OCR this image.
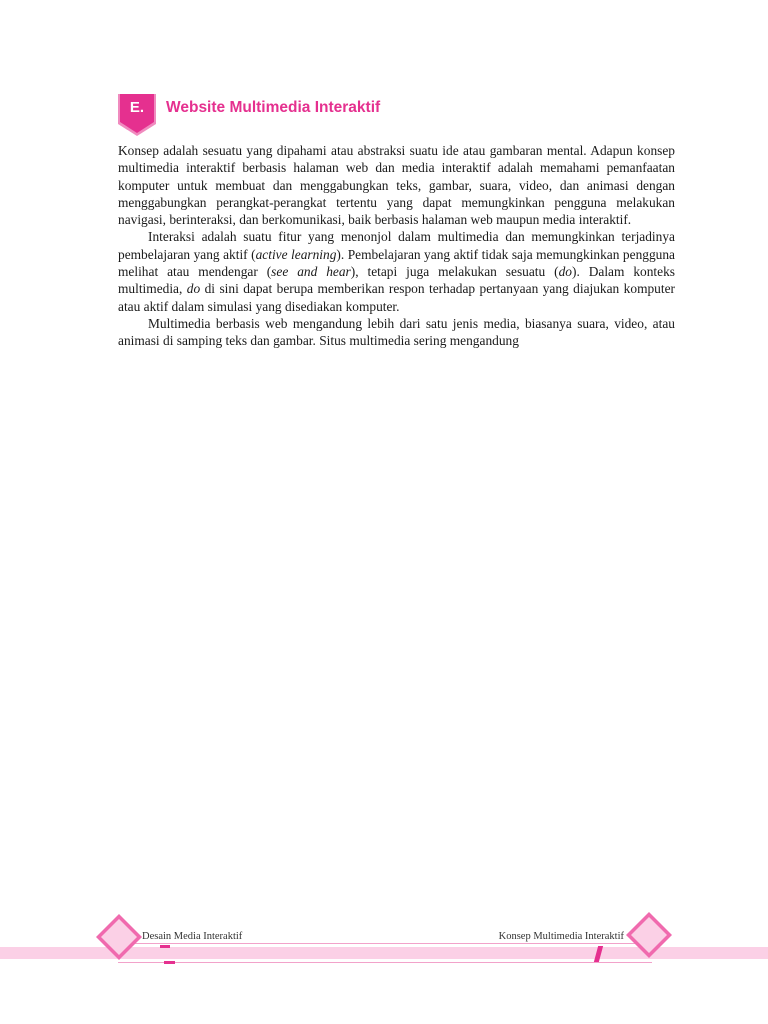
E.	Website Multimedia Interaktif

Konsep adalah sesuatu yang dipahami atau abstraksi suatu ide atau gambaran mental. Adapun konsep multimedia interaktif berbasis halaman web dan media interaktif adalah memahami pemanfaatan komputer untuk membuat dan menggabungkan teks, gambar, suara, video, dan animasi dengan menggabungkan perangkat-perangkat tertentu yang dapat memungkinkan pengguna melakukan navigasi, berinteraksi, dan berkomunikasi, baik berbasis halaman web maupun media interaktif.

Interaksi adalah suatu fitur yang menonjol dalam multimedia dan memungkinkan terjadinya pembelajaran yang aktif (active learning). Pembelajaran yang aktif tidak saja memungkinkan pengguna melihat atau mendengar (see and hear), tetapi juga melakukan sesuatu (do). Dalam konteks multimedia, do di sini dapat berupa memberikan respon terhadap pertanyaan yang diajukan komputer atau aktif dalam simulasi yang disediakan komputer.

Multimedia berbasis web mengandung lebih dari satu jenis media, biasanya suara, video, atau animasi di samping teks dan gambar. Situs multimedia sering mengandung

Desain Media Interaktif	Konsep Multimedia Interaktif
